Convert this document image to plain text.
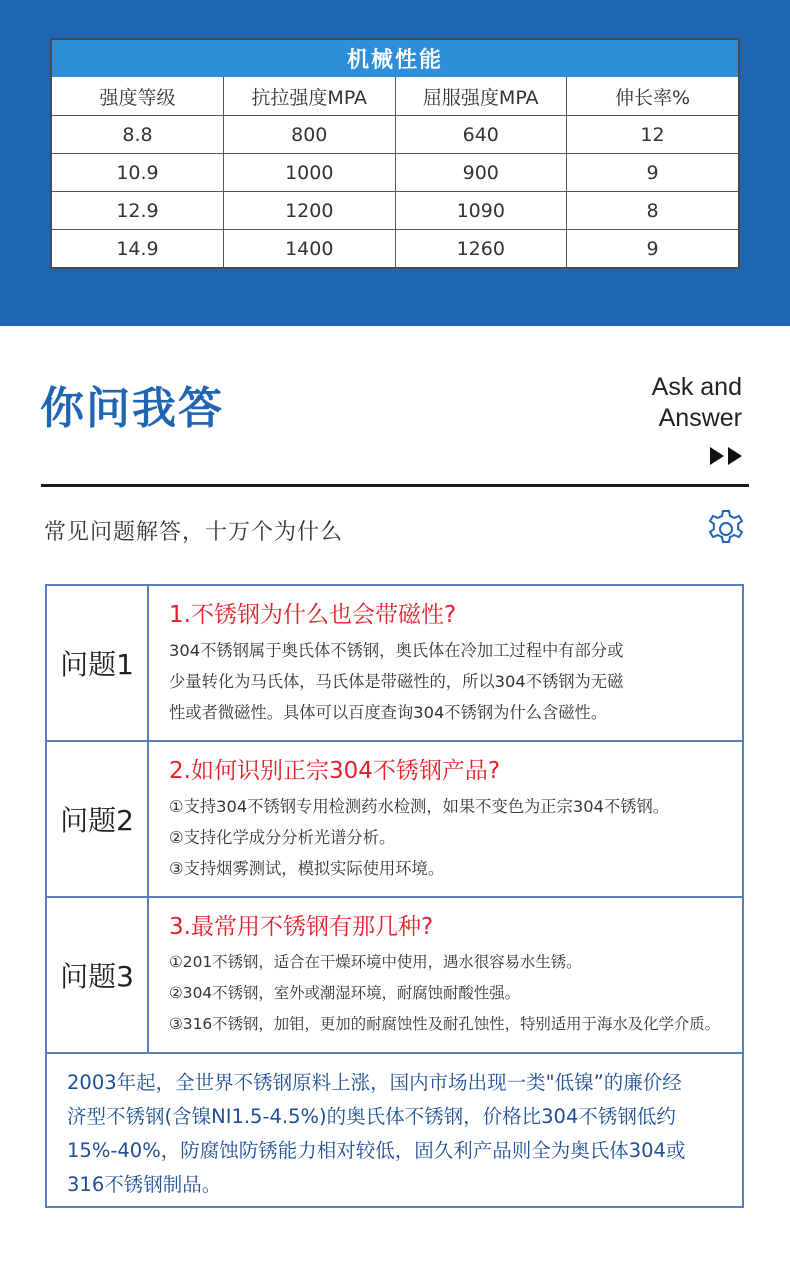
机械性能
强度等级	抗拉强度MPA	屈服强度MPA	伸长率%
8.8	800	640	12
10.9	1000	900	9
12.9	1200	1090	8
14.9	1400	1260	9
你问我答	Ask and
Answer
常见问题解答，十万个为什么
问题1
1.不锈钢为什么也会带磁性?
304不锈钢属于奥氏体不锈钢，奥氏体在冷加工过程中有部分或
少量转化为马氏体，马氏体是带磁性的，所以304不锈钢为无磁
性或者微磁性。具体可以百度查询304不锈钢为什么含磁性。
问题2
2.如何识别正宗304不锈钢产品?
①支持304不锈钢专用检测药水检测，如果不变色为正宗304不锈钢。
②支持化学成分分析光谱分析。
③支持烟雾测试，模拟实际使用环境。
问题3
3.最常用不锈钢有那几种?
①201不锈钢，适合在干燥环境中使用，遇水很容易水生锈。
②304不锈钢，室外或潮湿环境，耐腐蚀耐酸性强。
③316不锈钢，加钼，更加的耐腐蚀性及耐孔蚀性，特别适用于海水及化学介质。
2003年起，全世界不锈钢原料上涨，国内市场出现一类"低镍”的廉价经
济型不锈钢(含镍NI1.5-4.5%)的奥氏体不锈钢，价格比304不锈钢低约
15%-40%，防腐蚀防锈能力相对较低，固久利产品则全为奥氏体304或
316不锈钢制品。
